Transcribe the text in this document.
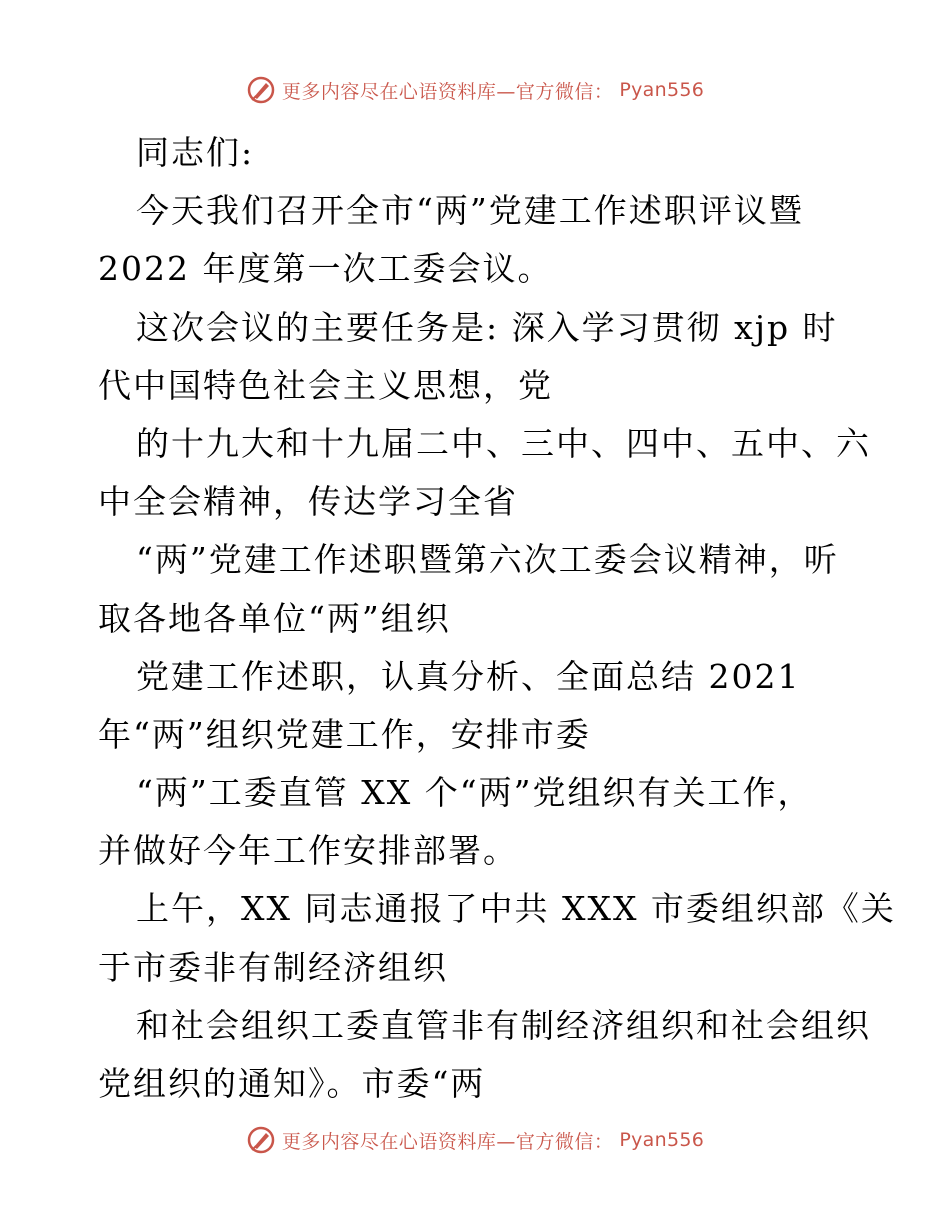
更多内容尽在心语资料库—官方微信： Pyan556
同志们:
今天我们召开全市“两”党建工作述职评议暨
2022 年度第一次工委会议。
这次会议的主要任务是: 深入学习贯彻 xjp 时
代中国特色社会主义思想，党
的十九大和十九届二中、三中、四中、五中、六
中全会精神，传达学习全省
“两”党建工作述职暨第六次工委会议精神，听
取各地各单位“两”组织
党建工作述职，认真分析、全面总结 2021
年“两”组织党建工作，安排市委
“两”工委直管 XX 个“两”党组织有关工作，
并做好今年工作安排部署。
上午，XX 同志通报了中共 XXX 市委组织部《关
于市委非有制经济组织
和社会组织工委直管非有制经济组织和社会组织
党组织的通知》。市委“两
更多内容尽在心语资料库—官方微信： Pyan556
